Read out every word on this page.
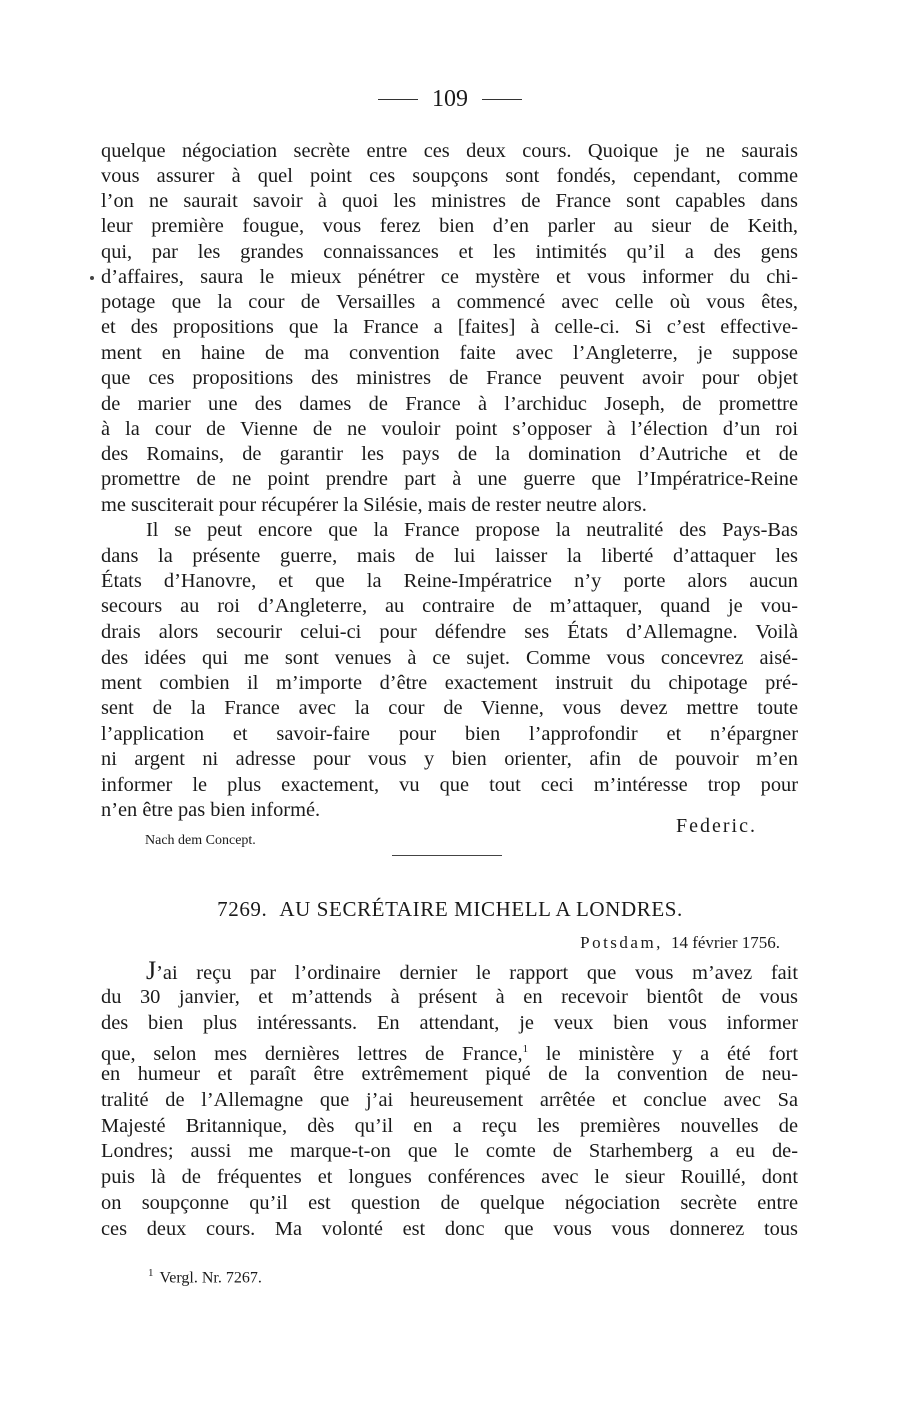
109
quelque négociation secrète entre ces deux cours. Quoique je ne saurais
vous assurer à quel point ces soupçons sont fondés, cependant, comme
l’on ne saurait savoir à quoi les ministres de France sont capables dans
leur première fougue, vous ferez bien d’en parler au sieur de Keith,
qui, par les grandes connaissances et les intimités qu’il a des gens
d’affaires, saura le mieux pénétrer ce mystère et vous informer du chi-
potage que la cour de Versailles a commencé avec celle où vous êtes,
et des propositions que la France a [faites] à celle-ci. Si c’est effective-
ment en haine de ma convention faite avec l’Angleterre, je suppose
que ces propositions des ministres de France peuvent avoir pour objet
de marier une des dames de France à l’archiduc Joseph, de promettre
à la cour de Vienne de ne vouloir point s’opposer à l’élection d’un roi
des Romains, de garantir les pays de la domination d’Autriche et de
promettre de ne point prendre part à une guerre que l’Impératrice-Reine
me susciterait pour récupérer la Silésie, mais de rester neutre alors.
Il se peut encore que la France propose la neutralité des Pays-Bas
dans la présente guerre, mais de lui laisser la liberté d’attaquer les
États d’Hanovre, et que la Reine-Impératrice n’y porte alors aucun
secours au roi d’Angleterre, au contraire de m’attaquer, quand je vou-
drais alors secourir celui-ci pour défendre ses États d’Allemagne. Voilà
des idées qui me sont venues à ce sujet. Comme vous concevrez aisé-
ment combien il m’importe d’être exactement instruit du chipotage pré-
sent de la France avec la cour de Vienne, vous devez mettre toute
l’application et savoir-faire pour bien l’approfondir et n’épargner
ni argent ni adresse pour vous y bien orienter, afin de pouvoir m’en
informer le plus exactement, vu que tout ceci m’intéresse trop pour
n’en être pas bien informé.
Federic.
Nach dem Concept.
7269. AU SECRÉTAIRE MICHELL A LONDRES.
Potsdam, 14 février 1756.
J’ai reçu par l’ordinaire dernier le rapport que vous m’avez fait
du 30 janvier, et m’attends à présent à en recevoir bientôt de vous
des bien plus intéressants. En attendant, je veux bien vous informer
que, selon mes dernières lettres de France,$^1$ le ministère y a été fort
en humeur et paraît être extrêmement piqué de la convention de neu-
tralité de l’Allemagne que j’ai heureusement arrêtée et conclue avec Sa
Majesté Britannique, dès qu’il en a reçu les premières nouvelles de
Londres; aussi me marque-t-on que le comte de Starhemberg a eu de-
puis là de fréquentes et longues conférences avec le sieur Rouillé, dont
on soupçonne qu’il est question de quelque négociation secrète entre
ces deux cours. Ma volonté est donc que vous vous donnerez tous
$^1$ Vergl. Nr. 7267.
